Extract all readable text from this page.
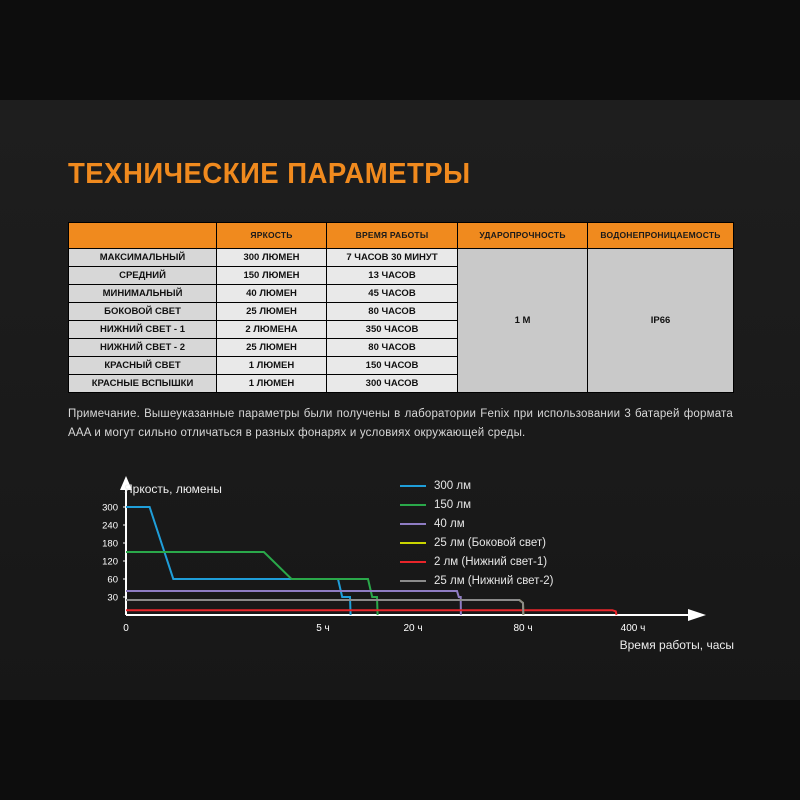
ТЕХНИЧЕСКИЕ ПАРАМЕТРЫ
	ЯРКОСТЬ	ВРЕМЯ РАБОТЫ	УДАРОПРОЧНОСТЬ	ВОДОНЕПРОНИЦАЕМОСТЬ
МАКСИМАЛЬНЫЙ	300 ЛЮМЕН	7 ЧАСОВ 30 МИНУТ	1 М	IP66
СРЕДНИЙ	150 ЛЮМЕН	13 ЧАСОВ		
МИНИМАЛЬНЫЙ	40 ЛЮМЕН	45 ЧАСОВ		
БОКОВОЙ СВЕТ	25 ЛЮМЕН	80 ЧАСОВ		
НИЖНИЙ СВЕТ - 1	2 ЛЮМЕНА	350 ЧАСОВ		
НИЖНИЙ СВЕТ - 2	25 ЛЮМЕН	80 ЧАСОВ		
КРАСНЫЙ СВЕТ	1 ЛЮМЕН	150 ЧАСОВ		
КРАСНЫЕ ВСПЫШКИ	1 ЛЮМЕН	300 ЧАСОВ		
Примечание. Вышеуказанные параметры были получены в лаборатории Fenix при использовании 3 батарей формата AAA и могут сильно отличаться в разных фонарях и условиях окружающей среды.
300
240
180
120
60
30
0	5 ч	20 ч	80 ч	400 ч
Яркость, люмены
Время работы, часы
300 лм
150 лм
40 лм
25 лм (Боковой свет)
2 лм (Нижний свет-1)
25 лм (Нижний свет-2)
